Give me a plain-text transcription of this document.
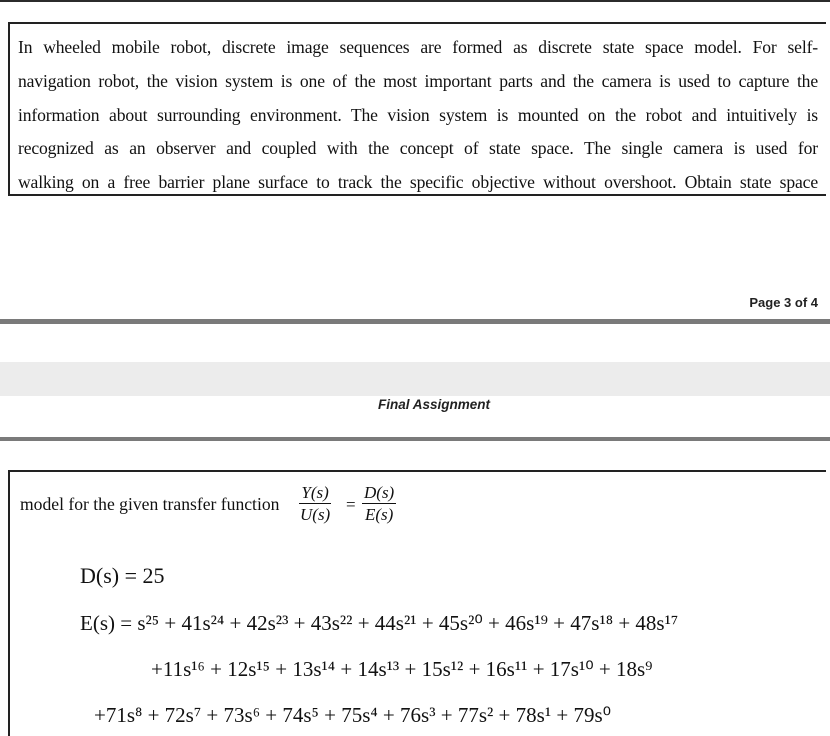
In wheeled mobile robot, discrete image sequences are formed as discrete state space model. For self-
navigation robot, the vision system is one of the most important parts and the camera is used to capture the
information about surrounding environment. The vision system is mounted on the robot and intuitively is
recognized as an observer and coupled with the concept of state space. The single camera is used for
walking on a free barrier plane surface to track the specific objective without overshoot. Obtain state space
Page 3 of 4
Final Assignment
model for the given transfer function $\frac{Y(s)}{U(s)} = \frac{D(s)}{E(s)}$
D(s) = 25
E(s) = s²⁵ + 41s²⁴ + 42s²³ + 43s²² + 44s²¹ + 45s²⁰ + 46s¹⁹ + 47s¹⁸ + 48s¹⁷
+11s¹⁶ + 12s¹⁵ + 13s¹⁴ + 14s¹³ + 15s¹² + 16s¹¹ + 17s¹⁰ + 18s⁹
+71s⁸ + 72s⁷ + 73s⁶ + 74s⁵ + 75s⁴ + 76s³ + 77s² + 78s¹ + 79s⁰
